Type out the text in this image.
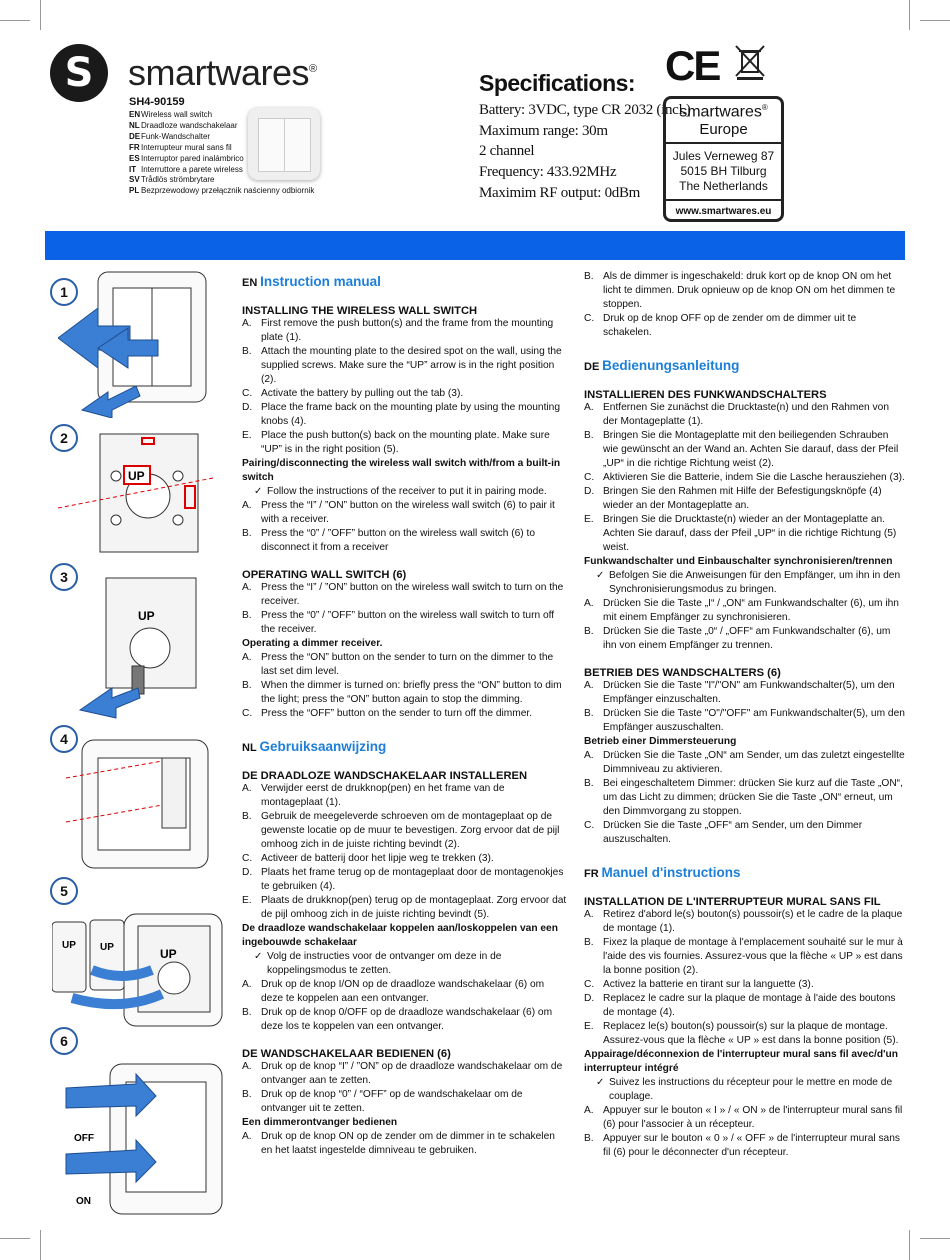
S smartwares®
SH4-90159
ENWireless wall switch
NLDraadloze wandschakelaar
DEFunk-Wandschalter
FRInterrupteur mural sans fil
ESInterruptor pared inalámbrico
IT Interruttore a parete wireless
SVTrådlös strömbrytare
PL Bezprzewodowy przełącznik naścienny odbiornik
Specifications:
Battery: 3VDC, type CR 2032 (incl.)
Maximum range: 30m
2 channel
Frequency: 433.92MHz
Maximim RF output: 0dBm
CE
smartwares®
Europe
Jules Verneweg 87
5015 BH Tilburg
The Netherlands
www.smartwares.eu
1
2
3
4
5
6
UP
UP
UP UP	UP
OFF
ON
EN Instruction manual
INSTALLING THE WIRELESS WALL SWITCH
A. First remove the push button(s) and the frame from the mounting plate (1).
B. Attach the mounting plate to the desired spot on the wall, using the supplied screws. Make sure the “UP” arrow is in the right position (2).
C. Activate the battery by pulling out the tab (3).
D. Place the frame back on the mounting plate by using the mounting knobs (4).
E. Place the push button(s) back on the mounting plate. Make sure “UP” is in the right position (5).
Pairing/disconnecting the wireless wall switch with/from a built-in switch
✓ Follow the instructions of the receiver to put it in pairing mode.
A. Press the “I” / ”ON” button on the wireless wall switch (6) to pair it with a receiver.
B. Press the “0” / ”OFF” button on the wireless wall switch (6) to disconnect it from a receiver
OPERATING WALL SWITCH (6)
A. Press the “I” / ”ON” button on the wireless wall switch to turn on the receiver.
B. Press the “0” / ”OFF” button on the wireless wall switch to turn off the receiver.
Operating a dimmer receiver.
A. Press the “ON” button on the sender to turn on the dimmer to the last set dim level.
B. When the dimmer is turned on: briefly press the “ON” button to dim the light; press the “ON” button again to stop the dimming.
C. Press the “OFF” button on the sender to turn off the dimmer.
NL Gebruiksaanwijzing
DE DRAADLOZE WANDSCHAKELAAR INSTALLEREN
A. Verwijder eerst de drukknop(pen) en het frame van de montageplaat (1).
B. Gebruik de meegeleverde schroeven om de montageplaat op de gewenste locatie op de muur te bevestigen. Zorg ervoor dat de pijl omhoog zich in de juiste richting bevindt (2).
C. Activeer de batterij door het lipje weg te trekken (3).
D. Plaats het frame terug op de montageplaat door de montagenokjes te gebruiken (4).
E. Plaats de drukknop(pen) terug op de montageplaat. Zorg ervoor dat de pijl omhoog zich in de juiste richting bevindt (5).
De draadloze wandschakelaar koppelen aan/loskoppelen van een ingebouwde schakelaar
✓ Volg de instructies voor de ontvanger om deze in de koppelingsmodus te zetten.
A. Druk op de knop I/ON op de draadloze wandschakelaar (6) om deze te koppelen aan een ontvanger.
B. Druk op de knop 0/OFF op de draadloze wandschakelaar (6) om deze los te koppelen van een ontvanger.
DE WANDSCHAKELAAR BEDIENEN (6)
A. Druk op de knop “I” / ”ON” op de draadloze wandschakelaar om de ontvanger aan te zetten.
B. Druk op de knop “0” / “OFF” op de wandschakelaar om de ontvanger uit te zetten.
Een dimmerontvanger bedienen
A. Druk op de knop ON op de zender om de dimmer in te schakelen en het laatst ingestelde dimniveau te gebruiken.
B. Als de dimmer is ingeschakeld: druk kort op de knop ON om het licht te dimmen. Druk opnieuw op de knop ON om het dimmen te stoppen.
C. Druk op de knop OFF op de zender om de dimmer uit te schakelen.
DE Bedienungsanleitung
INSTALLIEREN DES FUNKWANDSCHALTERS
A. Entfernen Sie zunächst die Drucktaste(n) und den Rahmen von der Montageplatte (1).
B. Bringen Sie die Montageplatte mit den beiliegenden Schrauben wie gewünscht an der Wand an. Achten Sie darauf, dass der Pfeil „UP“ in die richtige Richtung weist (2).
C. Aktivieren Sie die Batterie, indem Sie die Lasche herausziehen (3).
D. Bringen Sie den Rahmen mit Hilfe der Befestigungsknöpfe (4) wieder an der Montageplatte an.
E. Bringen Sie die Drucktaste(n) wieder an der Montageplatte an. Achten Sie darauf, dass der Pfeil „UP“ in die richtige Richtung (5) weist.
Funkwandschalter und Einbauschalter synchronisieren/trennen
✓ Befolgen Sie die Anweisungen für den Empfänger, um ihn in den Synchronisierungsmodus zu bringen.
A. Drücken Sie die Taste „I“ / „ON“ am Funkwandschalter (6), um ihn mit einem Empfänger zu synchronisieren.
B. Drücken Sie die Taste „0“ / „OFF“ am Funkwandschalter (6), um ihn von einem Empfänger zu trennen.
BETRIEB DES WANDSCHALTERS (6)
A. Drücken Sie die Taste "I"/"ON" am Funkwandschalter(5), um den Empfänger einzuschalten.
B. Drücken Sie die Taste "O"/"OFF" am Funkwandschalter(5), um den Empfänger auszuschalten.
Betrieb einer Dimmersteuerung
A. Drücken Sie die Taste „ON“ am Sender, um das zuletzt eingestellte Dimmniveau zu aktivieren.
B. Bei eingeschaltetem Dimmer: drücken Sie kurz auf die Taste „ON“, um das Licht zu dimmen; drücken Sie die Taste „ON“ erneut, um den Dimmvorgang zu stoppen.
C. Drücken Sie die Taste „OFF“ am Sender, um den Dimmer auszuschalten.
FR Manuel d'instructions
INSTALLATION DE L'INTERRUPTEUR MURAL SANS FIL
A. Retirez d'abord le(s) bouton(s) poussoir(s) et le cadre de la plaque de montage (1).
B. Fixez la plaque de montage à l'emplacement souhaité sur le mur à l'aide des vis fournies. Assurez-vous que la flèche « UP » est dans la bonne position (2).
C. Activez la batterie en tirant sur la languette (3).
D. Replacez le cadre sur la plaque de montage à l'aide des boutons de montage (4).
E. Replacez le(s) bouton(s) poussoir(s) sur la plaque de montage. Assurez-vous que la flèche « UP » est dans la bonne position (5).
Appairage/déconnexion de l'interrupteur mural sans fil avec/d'un interrupteur intégré
✓ Suivez les instructions du récepteur pour le mettre en mode de couplage.
A. Appuyer sur le bouton « I » / « ON » de l'interrupteur mural sans fil (6) pour l'associer à un récepteur.
B. Appuyer sur le bouton « 0 » / « OFF » de l'interrupteur mural sans fil (6) pour le déconnecter d'un récepteur.
